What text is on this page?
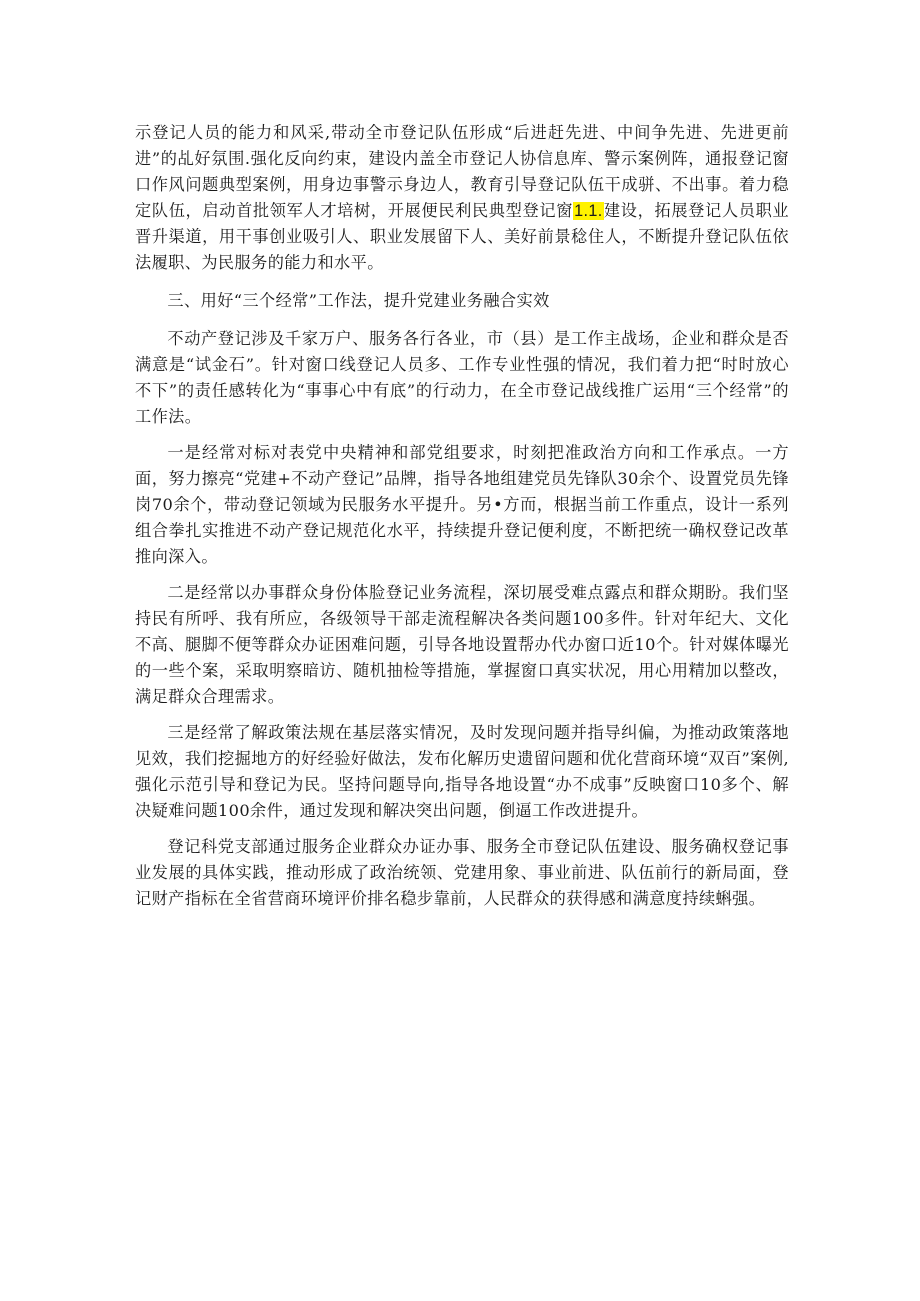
示登记人员的能力和风采,带动全市登记队伍形成“后进赶先进、中间争先进、先进更前进”的乩好氛围.强化反向约束，建设内盖全市登记人协信息库、警示案例阵，通报登记窗口作风问题典型案例，用身边事警示身边人，教育引导登记队伍干成骈、不出事。着力稳定队伍，启动首批领军人才培树，开展便民利民典型登记窗1.1.建设，拓展登记人员职业晋升渠道，用干事创业吸引人、职业发展留下人、美好前景稔住人，不断提升登记队伍依法履职、为民服务的能力和水平。

三、用好“三个经常”工作法，提升党建业务融合实效

不动产登记涉及千家万户、服务各行各业，市（县）是工作主战场，企业和群众是否满意是“试金石”。针对窗口线登记人员多、工作专业性强的情况，我们着力把“时时放心不下”的责任感转化为“事事心中有底”的行动力，在全市登记战线推广运用“三个经常”的工作法。

一是经常对标对表党中央精神和部党组要求，时刻把准政治方向和工作承点。一方面，努力擦亮“党建+不动产登记”品牌，指导各地组建党员先锋队30余个、设置党员先锋岗70余个，带动登记领域为民服务水平提升。另•方而，根据当前工作重点，设计一系列组合拳扎实推进不动产登记规范化水平，持续提升登记便利度，不断把统一确权登记改革推向深入。

二是经常以办事群众身份体脸登记业务流程，深切展受难点露点和群众期盼。我们坚持民有所呼、我有所应，各级领导干部走流程解决各类问题100多件。针对年纪大、文化不高、腿脚不便等群众办证困难问题，引导各地设置帮办代办窗口近10个。针对媒体曝光的一些个案，采取明察暗访、随机抽检等措施，掌握窗口真实状况，用心用精加以整改，满足群众合理需求。

三是经常了解政策法规在基层落实情况，及时发现问题并指导纠偏，为推动政策落地见效，我们挖掘地方的好经验好做法，发布化解历史遗留问题和优化营商环境“双百”案例,强化示范引导和登记为民。坚持问题导向,指导各地设置“办不成事”反映窗口10多个、解决疑难问题100余件，通过发现和解决突出问题，倒逼工作改进提升。

登记科党支部通过服务企业群众办证办事、服务全市登记队伍建设、服务确权登记事业发展的具体实践，推动形成了政治统领、党建用象、事业前进、队伍前行的新局面，登记财产指标在全省营商环境评价排名稳步靠前，人民群众的获得感和满意度持续蝌强。
